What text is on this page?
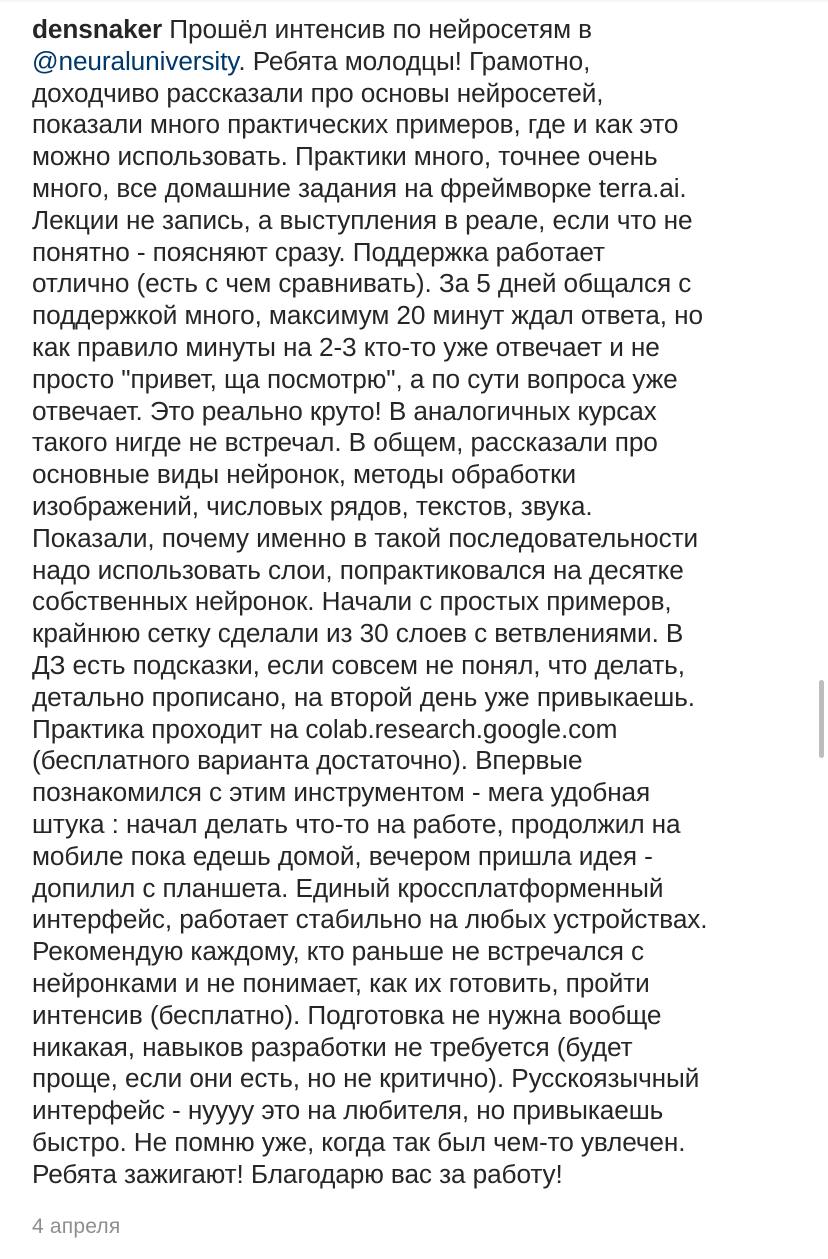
densnaker Прошёл интенсив по нейросетям в
@neuraluniversity. Ребята молодцы! Грамотно,
доходчиво рассказали про основы нейросетей,
показали много практических примеров, где и как это
можно использовать. Практики много, точнее очень
много, все домашние задания на фреймворке terra.ai.
Лекции не запись, а выступления в реале, если что не
понятно - поясняют сразу. Поддержка работает
отлично (есть с чем сравнивать). За 5 дней общался с
поддержкой много, максимум 20 минут ждал ответа, но
как правило минуты на 2-3 кто-то уже отвечает и не
просто "привет, ща посмотрю", а по сути вопроса уже
отвечает. Это реально круто! В аналогичных курсах
такого нигде не встречал. В общем, рассказали про
основные виды нейронок, методы обработки
изображений, числовых рядов, текстов, звука.
Показали, почему именно в такой последовательности
надо использовать слои, попрактиковался на десятке
собственных нейронок. Начали с простых примеров,
крайнюю сетку сделали из 30 слоев с ветвлениями. В
ДЗ есть подсказки, если совсем не понял, что делать,
детально прописано, на второй день уже привыкаешь.
Практика проходит на colab.research.google.com
(бесплатного варианта достаточно). Впервые
познакомился с этим инструментом - мега удобная
штука : начал делать что-то на работе, продолжил на
мобиле пока едешь домой, вечером пришла идея -
допилил с планшета. Единый кроссплатформенный
интерфейс, работает стабильно на любых устройствах.
Рекомендую каждому, кто раньше не встречался с
нейронками и не понимает, как их готовить, пройти
интенсив (бесплатно). Подготовка не нужна вообще
никакая, навыков разработки не требуется (будет
проще, если они есть, но не критично). Русскоязычный
интерфейс - нуууу это на любителя, но привыкаешь
быстро. Не помню уже, когда так был чем-то увлечен.
Ребята зажигают! Благодарю вас за работу!
4 апреля
